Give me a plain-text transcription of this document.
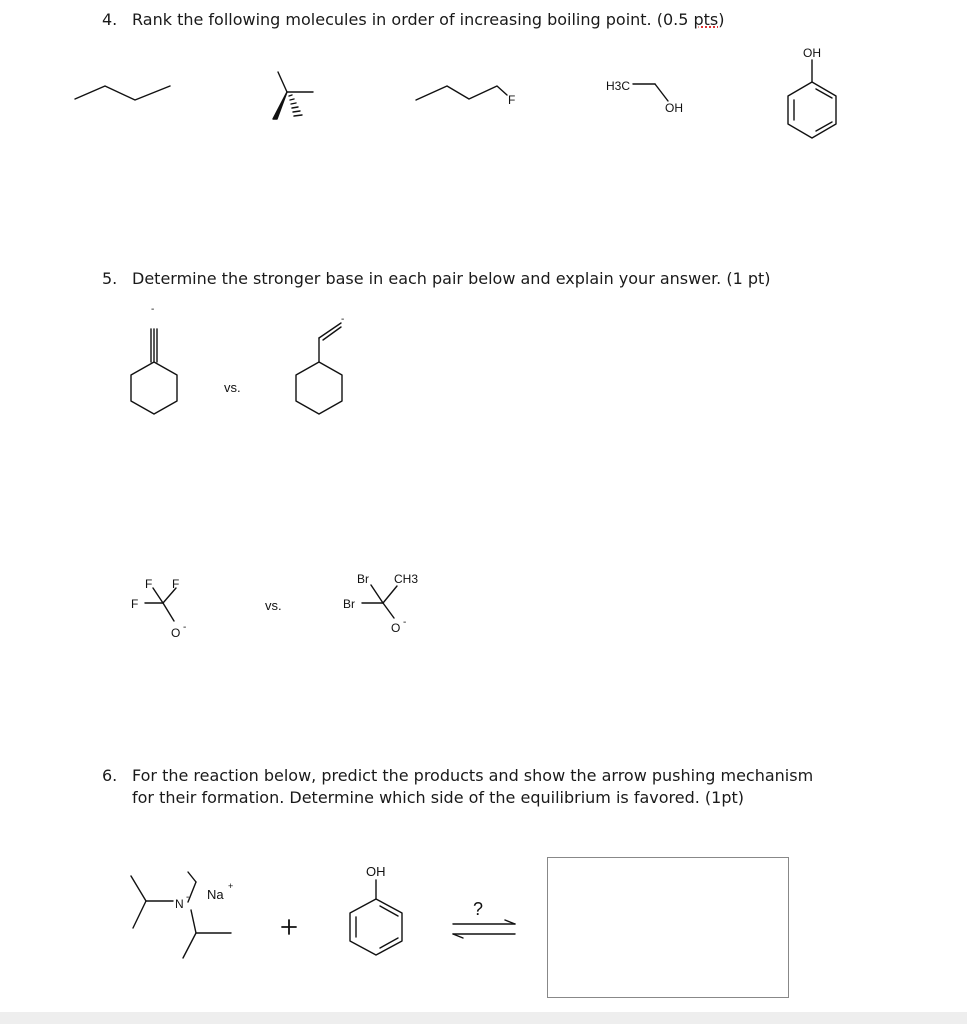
4. Rank the following molecules in order of increasing boiling point. (0.5 pts)
5. Determine the stronger base in each pair below and explain your answer. (1 pt)
6. For the reaction below, predict the products and show the arrow pushing mechanism
for their formation. Determine which side of the equilibrium is favored. (1pt)
vs.
vs.
F
H3C
OH
OH
-
-
F F
F
O -
Br CH3
Br
O -
N - Na
+
OH
?
